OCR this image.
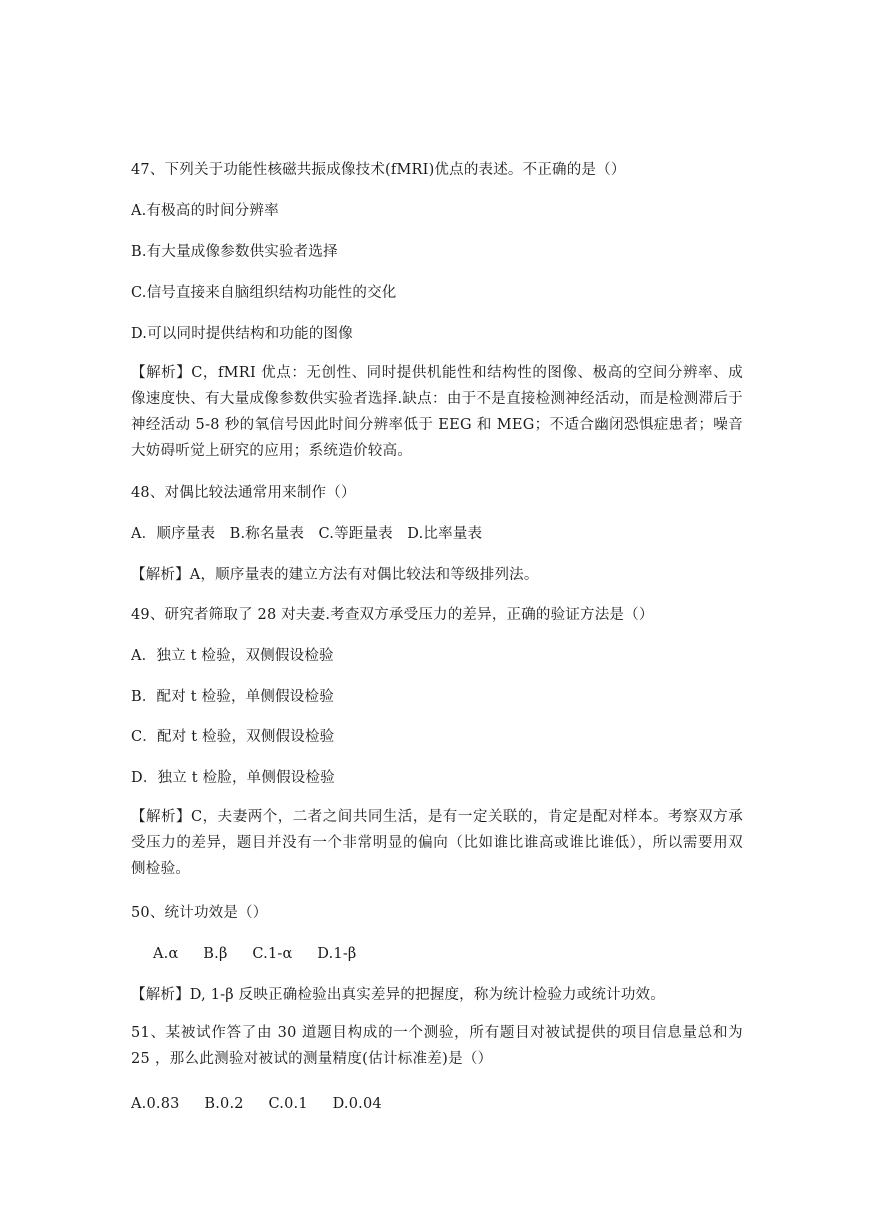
47、下列关于功能性核磁共振成像技术(fMRI)优点的表述。不正确的是（）
A.有极高的时间分辨率
B.有大量成像参数供实验者选择
C.信号直接来自脑组织结构功能性的交化
D.可以同时提供结构和功能的图像
【解析】C，fMRI 优点：无创性、同时提供机能性和结构性的图像、极高的空间分辨率、成像速度快、有大量成像参数供实验者选择.缺点：由于不是直接检测神经活动，而是检测滞后于神经活动 5-8 秒的氧信号因此时间分辨率低于 EEG 和 MEG；不适合幽闭恐惧症患者；噪音大妨碍听觉上研究的应用；系统造价较高。
48、对偶比较法通常用来制作（）
A．顺序量表   B.称名量表   C.等距量表   D.比率量表
【解析】A，顺序量表的建立方法有对偶比较法和等级排列法。
49、研究者筛取了 28 对夫妻.考查双方承受压力的差异，正确的验证方法是（）
A．独立 t 检验，双侧假设检验
B．配对 t 检验，单侧假设检验
C．配对 t 检验，双侧假设检验
D．独立 t 检脸，单侧假设检验
【解析】C，夫妻两个，二者之间共同生活，是有一定关联的，肯定是配对样本。考察双方承受压力的差异，题目并没有一个非常明显的偏向（比如谁比谁高或谁比谁低），所以需要用双侧检验。
50、统计功效是（）
A.α B.β C.1-α D.1-β
【解析】D, 1-β 反映正确检验出真实差异的把握度，称为统计检验力或统计功效。
51、某被试作答了由 30 道题目构成的一个测验，所有题目对被试提供的项目信息量总和为 25 ，那么此测验对被试的测量精度(估计标准差)是（）
A.0.83 B.0.2 C.0.1 D.0.04
